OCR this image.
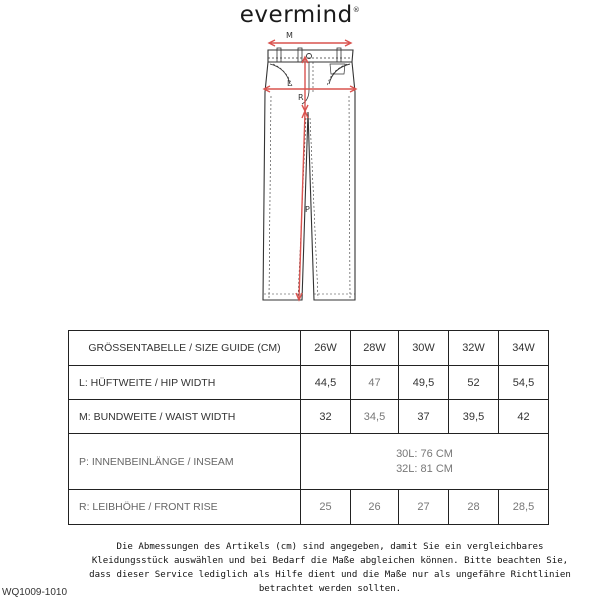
evermind®
M
L
R
P
GRÖSSENTABELLE / SIZE GUIDE (CM)	26W	28W	30W	32W	34W
L: HÜFTWEITE / HIP WIDTH	44,5	47	49,5	52	54,5
M: BUNDWEITE / WAIST WIDTH	32	34,5	37	39,5	42
P: INNENBEINLÄNGE / INSEAM	30L: 76 CM
32L: 81 CM				

R: LEIBHÖHE / FRONT RISE	25	26	27	28	28,5
Die Abmessungen des Artikels (cm) sind angegeben, damit Sie ein vergleichbares
Kleidungsstück auswählen und bei Bedarf die Maße abgleichen können. Bitte beachten Sie,
dass dieser Service lediglich als Hilfe dient und die Maße nur als ungefähre Richtlinien
betrachtet werden sollten.
WQ1009-1010
